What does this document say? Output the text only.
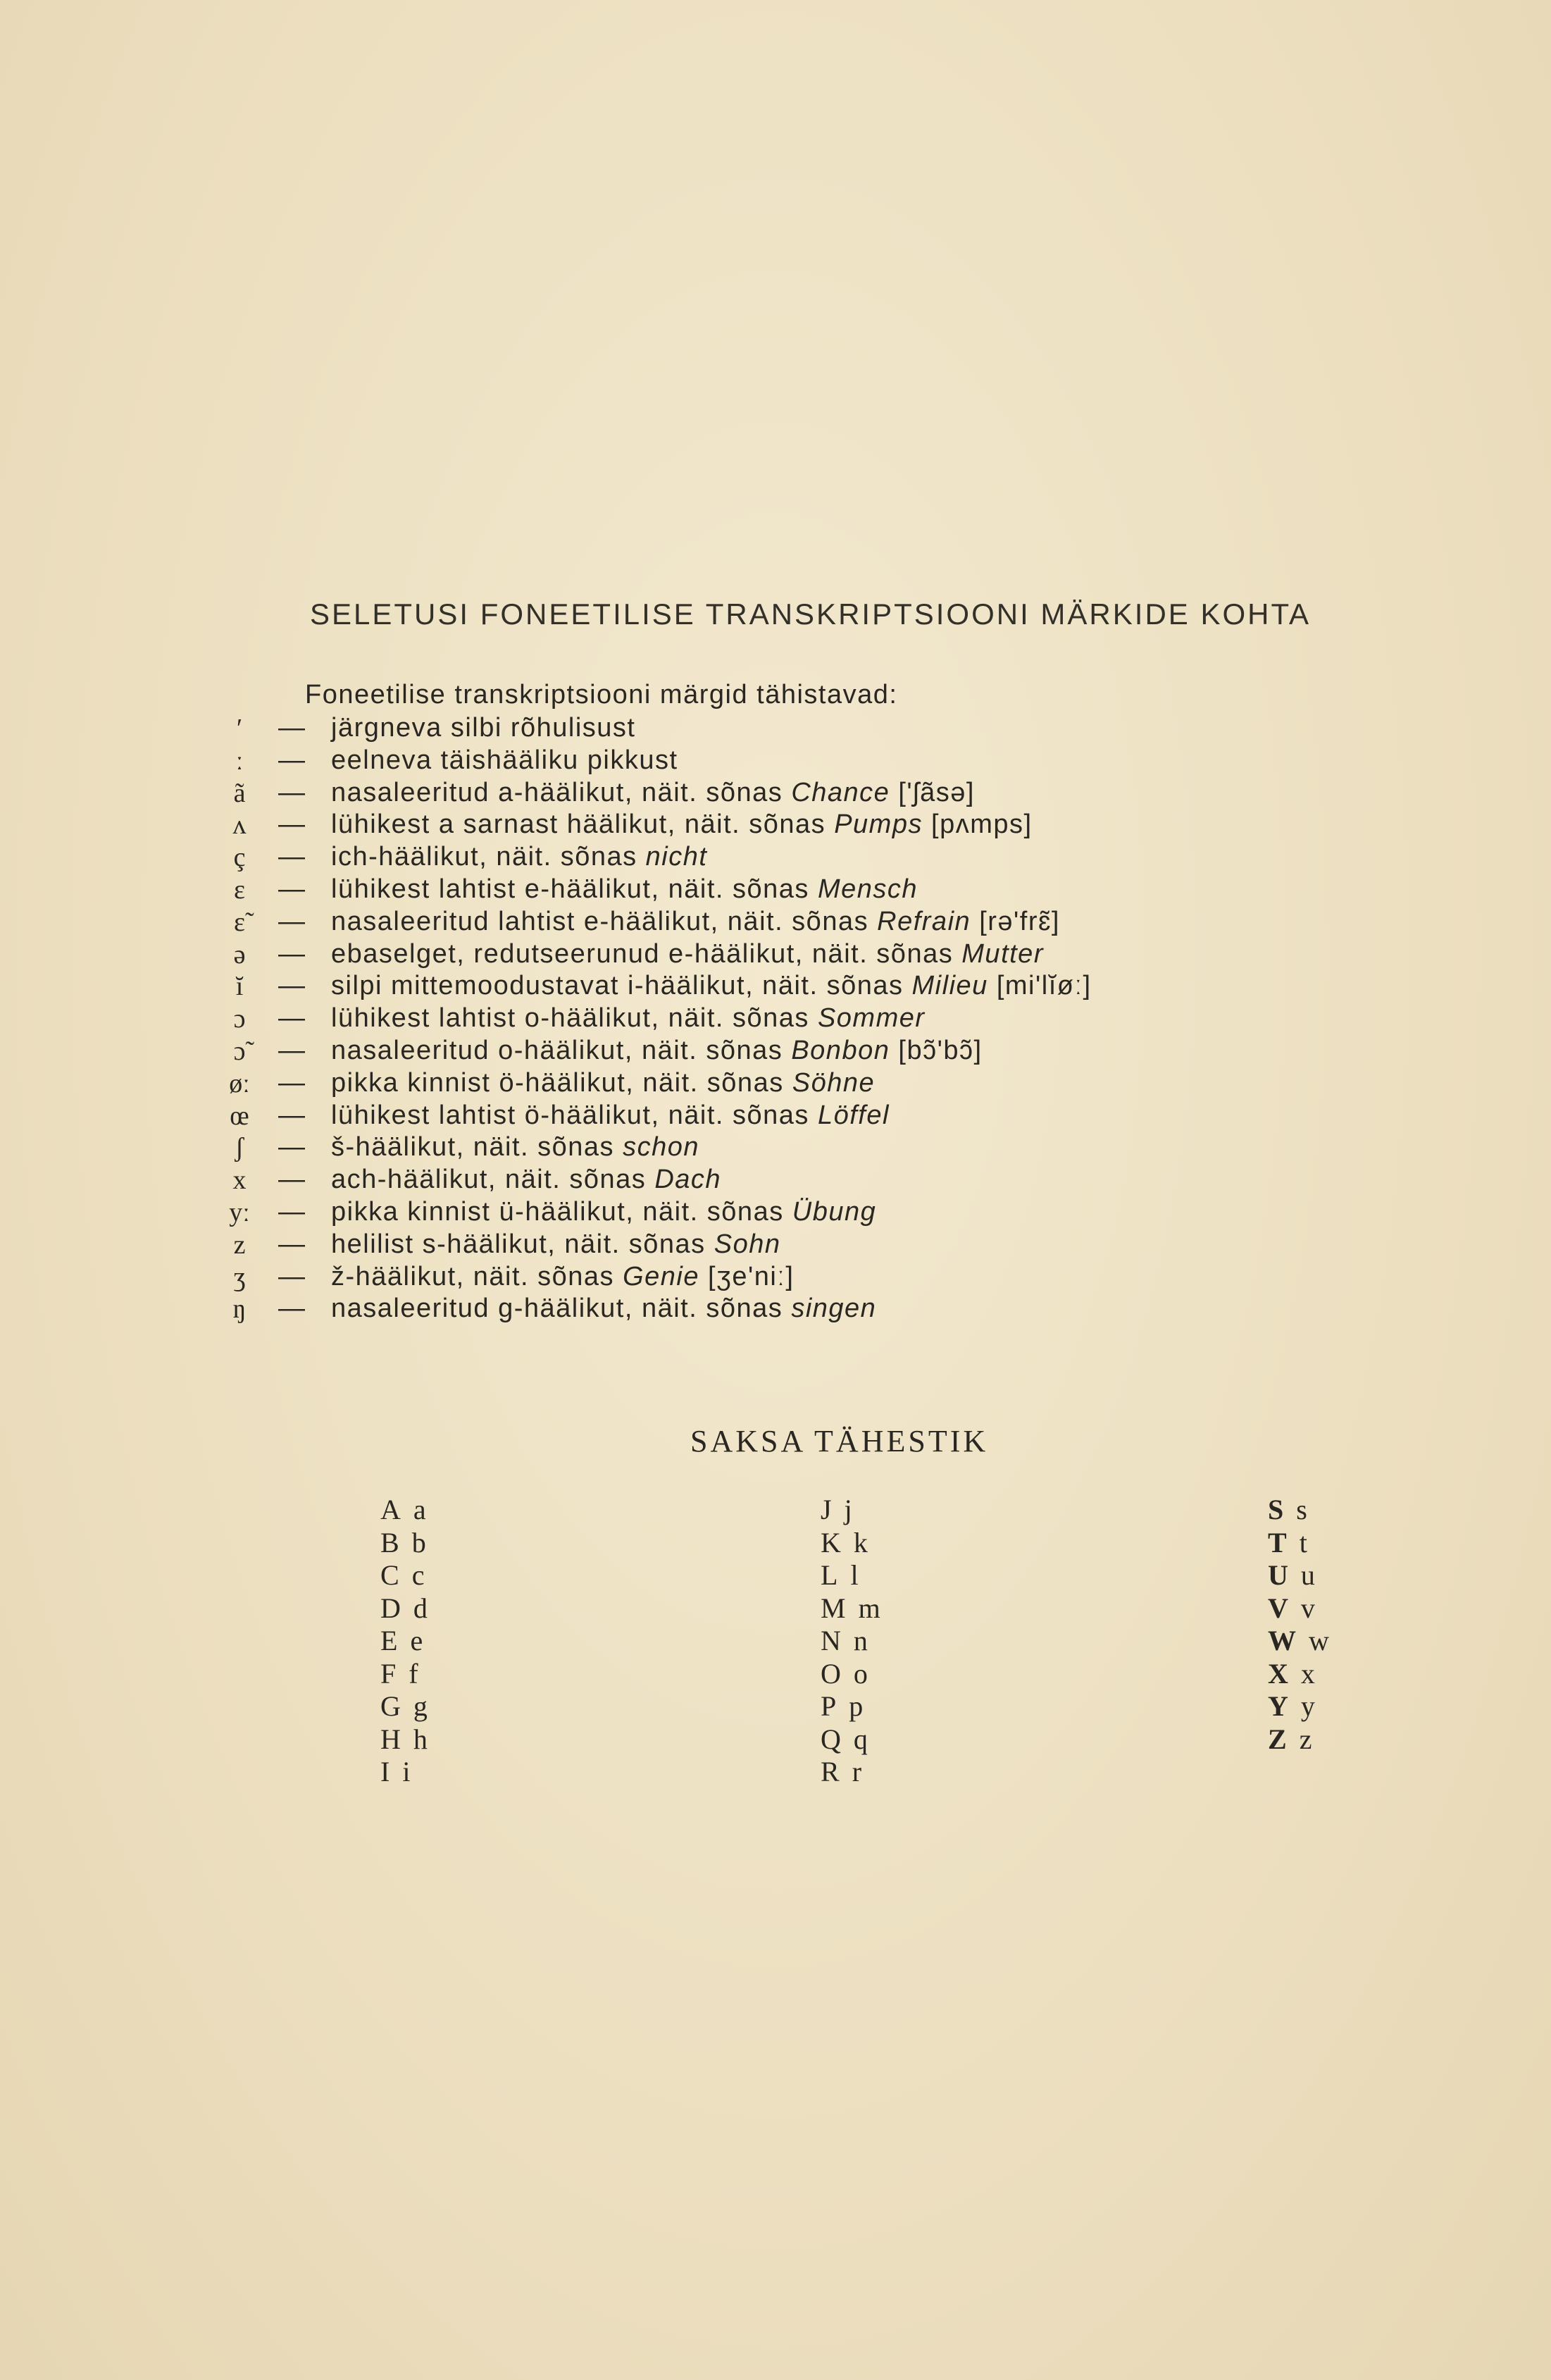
SELETUSI FONEETILISE TRANSKRIPTSIOONI MÄRKIDE KOHTA
Foneetilise transkriptsiooni märgid tähistavad:
ʹ	— järgneva silbi rõhulisust
ː	— eelneva täishääliku pikkust
ã	— nasaleeritud a-häälikut, näit. sõnas Chance ['ʃãsə]
ʌ	— lühikest a sarnast häälikut, näit. sõnas Pumps [pʌmps]
ç	— ich-häälikut, näit. sõnas nicht
ɛ	— lühikest lahtist e-häälikut, näit. sõnas Mensch
ɛ̃	— nasaleeritud lahtist e-häälikut, näit. sõnas Refrain [rə'frɛ̃]
ə	— ebaselget, redutseerunud e-häälikut, näit. sõnas Mutter
ĭ	— silpi mittemoodustavat i-häälikut, näit. sõnas Milieu [mi'lĭøː]
ɔ	— lühikest lahtist o-häälikut, näit. sõnas Sommer
ɔ̃	— nasaleeritud o-häälikut, näit. sõnas Bonbon [bɔ̃'bɔ̃]
øː	— pikka kinnist ö-häälikut, näit. sõnas Söhne
œ	— lühikest lahtist ö-häälikut, näit. sõnas Löffel
ʃ	— š-häälikut, näit. sõnas schon
x	— ach-häälikut, näit. sõnas Dach
yː	— pikka kinnist ü-häälikut, näit. sõnas Übung
z	— helilist s-häälikut, näit. sõnas Sohn
ʒ	— ž-häälikut, näit. sõnas Genie [ʒe'niː]
ŋ	— nasaleeritud g-häälikut, näit. sõnas singen
SAKSA TÄHESTIK
A a
B b
C c
D d
E e
F f
G g
H h
I i
J j
K k
L l
M m
N n
O o
P p
Q q
R r
S s
T t
U u
V v
W w
X x
Y y
Z z
